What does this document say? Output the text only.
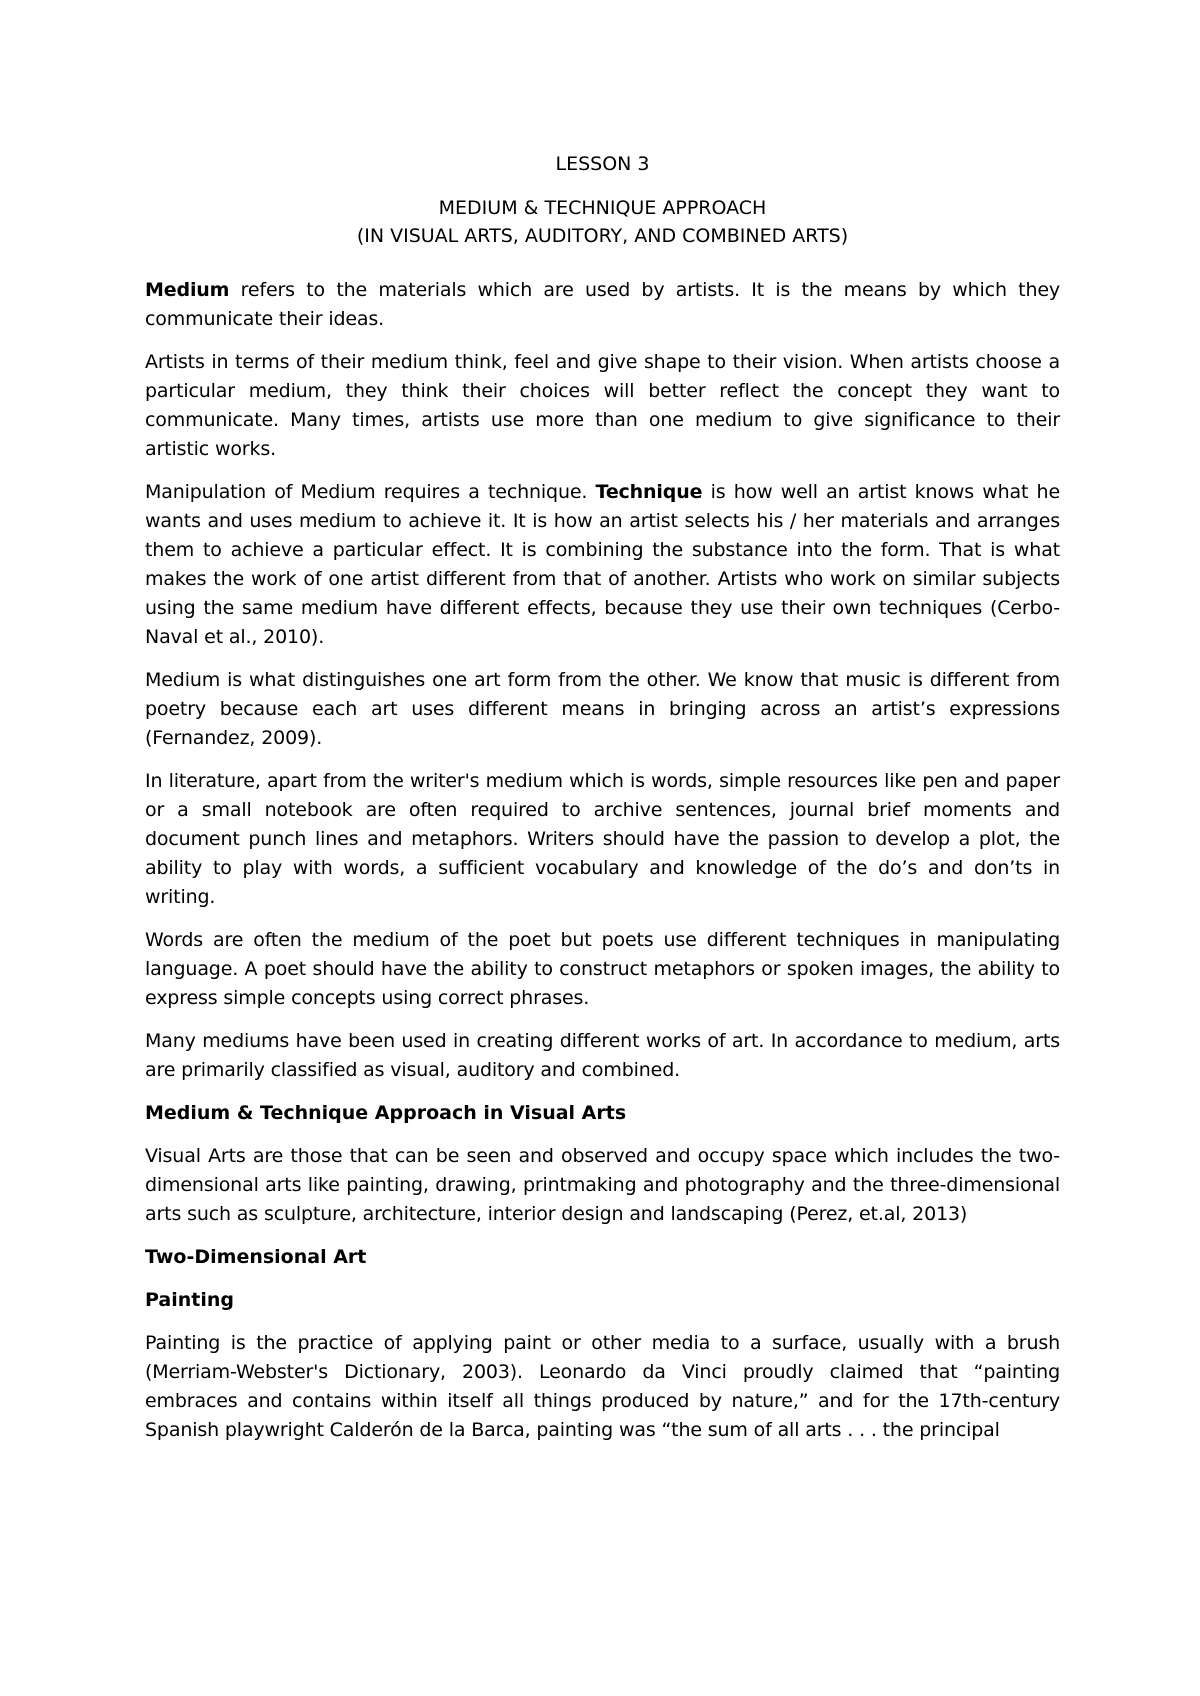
LESSON 3
MEDIUM & TECHNIQUE APPROACH
(IN VISUAL ARTS, AUDITORY, AND COMBINED ARTS)

Medium refers to the materials which are used by artists. It is the means by which they communicate their ideas.

Artists in terms of their medium think, feel and give shape to their vision. When artists choose a particular medium, they think their choices will better reflect the concept they want to communicate. Many times, artists use more than one medium to give significance to their artistic works.

Manipulation of Medium requires a technique. Technique is how well an artist knows what he wants and uses medium to achieve it. It is how an artist selects his / her materials and arranges them to achieve a particular effect. It is combining the substance into the form. That is what makes the work of one artist different from that of another. Artists who work on similar subjects using the same medium have different effects, because they use their own techniques (Cerbo-Naval et al., 2010).

Medium is what distinguishes one art form from the other. We know that music is different from poetry because each art uses different means in bringing across an artist’s expressions (Fernandez, 2009).

In literature, apart from the writer's medium which is words, simple resources like pen and paper or a small notebook are often required to archive sentences, journal brief moments and document punch lines and metaphors. Writers should have the passion to develop a plot, the ability to play with words, a sufficient vocabulary and knowledge of the do’s and don’ts in writing.

Words are often the medium of the poet but poets use different techniques in manipulating language. A poet should have the ability to construct metaphors or spoken images, the ability to express simple concepts using correct phrases.

Many mediums have been used in creating different works of art. In accordance to medium, arts are primarily classified as visual, auditory and combined.

Medium & Technique Approach in Visual Arts

Visual Arts are those that can be seen and observed and occupy space which includes the two-dimensional arts like painting, drawing, printmaking and photography and the three-dimensional arts such as sculpture, architecture, interior design and landscaping (Perez, et.al, 2013)

Two-Dimensional Art
Painting

Painting is the practice of applying paint or other media to a surface, usually with a brush (Merriam-Webster's Dictionary, 2003). Leonardo da Vinci proudly claimed that “painting embraces and contains within itself all things produced by nature,” and for the 17th-century Spanish playwright Calderón de la Barca, painting was “the sum of all arts . . . the principal
